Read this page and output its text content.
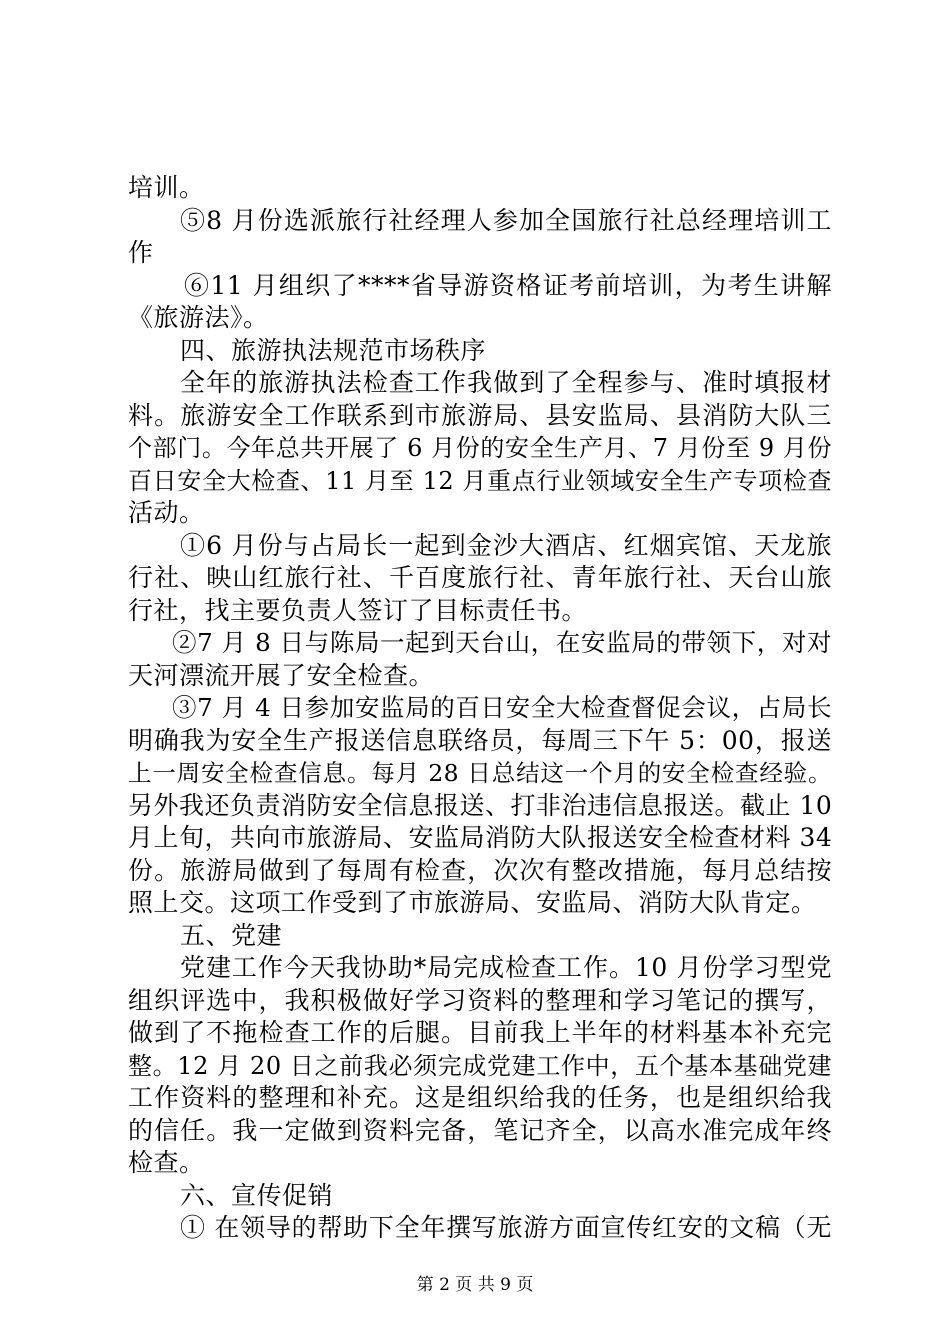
培训。
⑤8 月份选派旅行社经理人参加全国旅行社总经理培训工
作
⑥11 月组织了****省导游资格证考前培训，为考生讲解
《旅游法》。
四、旅游执法规范市场秩序
全年的旅游执法检查工作我做到了全程参与、准时填报材
料。旅游安全工作联系到市旅游局、县安监局、县消防大队三
个部门。今年总共开展了 6 月份的安全生产月、7 月份至 9 月份
百日安全大检查、11 月至 12 月重点行业领域安全生产专项检查
活动。
①6 月份与占局长一起到金沙大酒店、红烟宾馆、天龙旅
行社、映山红旅行社、千百度旅行社、青年旅行社、天台山旅
行社，找主要负责人签订了目标责任书。
②7 月 8 日与陈局一起到天台山，在安监局的带领下，对对
天河漂流开展了安全检查。
③7 月 4 日参加安监局的百日安全大检查督促会议，占局长
明确我为安全生产报送信息联络员，每周三下午 5：00，报送
上一周安全检查信息。每月 28 日总结这一个月的安全检查经验。
另外我还负责消防安全信息报送、打非治违信息报送。截止 10
月上旬，共向市旅游局、安监局消防大队报送安全检查材料 34
份。旅游局做到了每周有检查，次次有整改措施，每月总结按
照上交。这项工作受到了市旅游局、安监局、消防大队肯定。
五、党建
党建工作今天我协助*局完成检查工作。10 月份学习型党
组织评选中，我积极做好学习资料的整理和学习笔记的撰写，
做到了不拖检查工作的后腿。目前我上半年的材料基本补充完
整。12 月 20 日之前我必须完成党建工作中，五个基本基础党建
工作资料的整理和补充。这是组织给我的任务，也是组织给我
的信任。我一定做到资料完备，笔记齐全，以高水准完成年终
检查。
六、宣传促销
① 在领导的帮助下全年撰写旅游方面宣传红安的文稿（无
第 2 页 共 9 页
